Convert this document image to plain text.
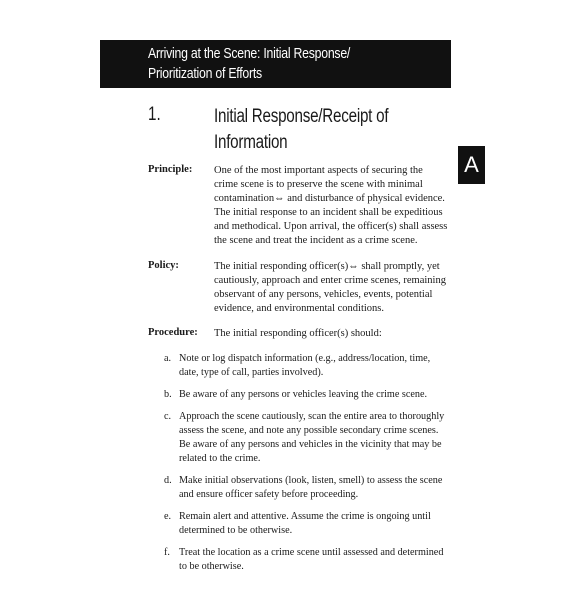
Arriving at the Scene: Initial Response/
Prioritization of Efforts
1.	Initial Response/Receipt of
Information
A
Principle: One of the most important aspects of securing the
crime scene is to preserve the scene with minimal
contamination⇔ and disturbance of physical evidence.
The initial response to an incident shall be expeditious
and methodical. Upon arrival, the officer(s) shall assess
the scene and treat the incident as a crime scene.
Policy:	The initial responding officer(s)⇔ shall promptly, yet
cautiously, approach and enter crime scenes, remaining
observant of any persons, vehicles, events, potential
evidence, and environmental conditions.
Procedure: The initial responding officer(s) should:
a. Note or log dispatch information (e.g., address/location, time,
date, type of call, parties involved).
b. Be aware of any persons or vehicles leaving the crime scene.
c. Approach the scene cautiously, scan the entire area to thoroughly
assess the scene, and note any possible secondary crime scenes.
Be aware of any persons and vehicles in the vicinity that may be
related to the crime.
d. Make initial observations (look, listen, smell) to assess the scene
and ensure officer safety before proceeding.
e. Remain alert and attentive. Assume the crime is ongoing until
determined to be otherwise.
f. Treat the location as a crime scene until assessed and determined
to be otherwise.
